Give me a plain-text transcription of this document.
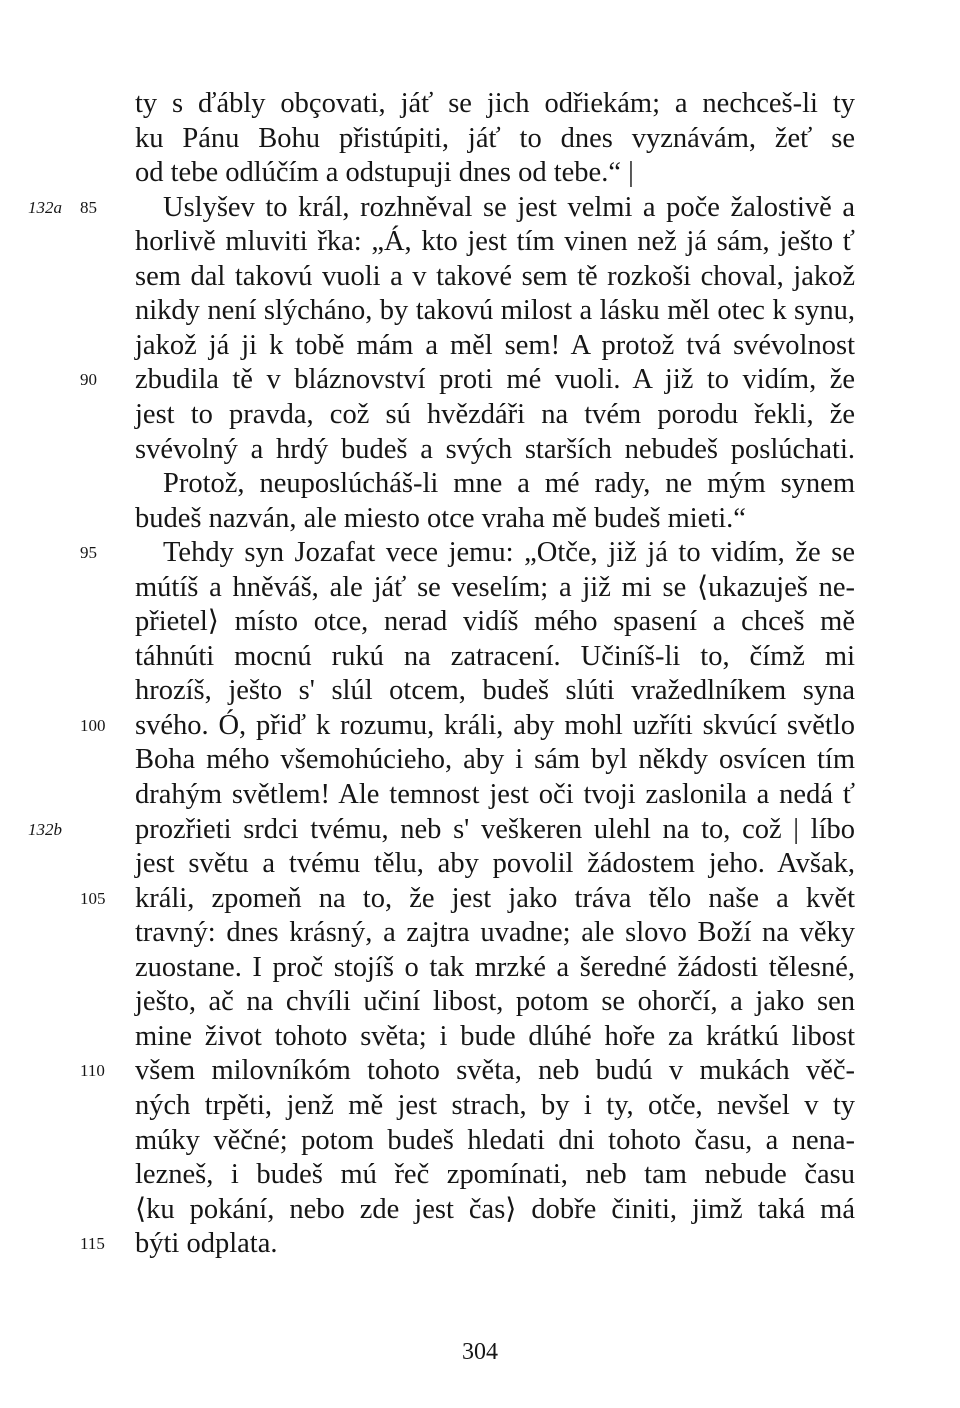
ty s ďábly obçovati, jáť se jich odřiekám; a nechceš-li ty
ku Pánu Bohu přistúpiti, jáť to dnes vyznávám, žeť se
od tebe odlúčím a odstupuji dnes od tebe.“ |
Uslyšev to král, rozhněval se jest velmi a poče žalostivě a
85
132a
horlivě mluviti řka: „Á, kto jest tím vinen než já sám, ješto ť
sem dal takovú vuoli a v takové sem tě rozkoši choval, jakož
nikdy není slýcháno, by takovú milost a lásku měl otec k synu,
jakož já ji k tobě mám a měl sem! A protož tvá svévolnost
zbudila tě v bláznovství proti mé vuoli. A již to vidím, že
90
jest to pravda, což sú hvězdáři na tvém porodu řekli, že
svévolný a hrdý budeš a svých starších nebudeš poslúchati.
Protož, neuposlúcháš-li mne a mé rady, ne mým synem
budeš nazván, ale miesto otce vraha mě budeš mieti.“
Tehdy syn Jozafat vece jemu: „Otče, již já to vidím, že se
95
mútíš a hněváš, ale jáť se veselím; a již mi se ⟨ukazuješ ne-
přietel⟩ místo otce, nerad vidíš mého spasení a chceš mě
táhnúti mocnú rukú na zatracení. Učiníš-li to, čímž mi
hrozíš, ješto s' slúl otcem, budeš slúti vražedlníkem syna
svého. Ó, přiď k rozumu, králi, aby mohl uzříti skvúcí světlo
100
Boha mého všemohúcieho, aby i sám byl někdy osvícen tím
drahým světlem! Ale temnost jest oči tvoji zaslonila a nedá ť
prozřieti srdci tvému, neb s' veškeren ulehl na to, což | líbo
132b
jest světu a tvému tělu, aby povolil žádostem jeho. Avšak,
králi, zpomeň na to, že jest jako tráva tělo naše a květ
105
travný: dnes krásný, a zajtra uvadne; ale slovo Boží na věky
zuostane. I proč stojíš o tak mrzké a šeredné žádosti tělesné,
ješto, ač na chvíli učiní libost, potom se ohorčí, a jako sen
mine život tohoto světa; i bude dlúhé hoře za krátkú libost
všem milovníkóm tohoto světa, neb budú v mukách věč-
110
ných trpěti, jenž mě jest strach, by i ty, otče, nevšel v ty
múky věčné; potom budeš hledati dni tohoto času, a nena-
lezneš, i budeš mú řeč zpomínati, neb tam nebude času
⟨ku pokání, nebo zde jest čas⟩ dobře činiti, jimž taká má
býti odplata.
115
304
